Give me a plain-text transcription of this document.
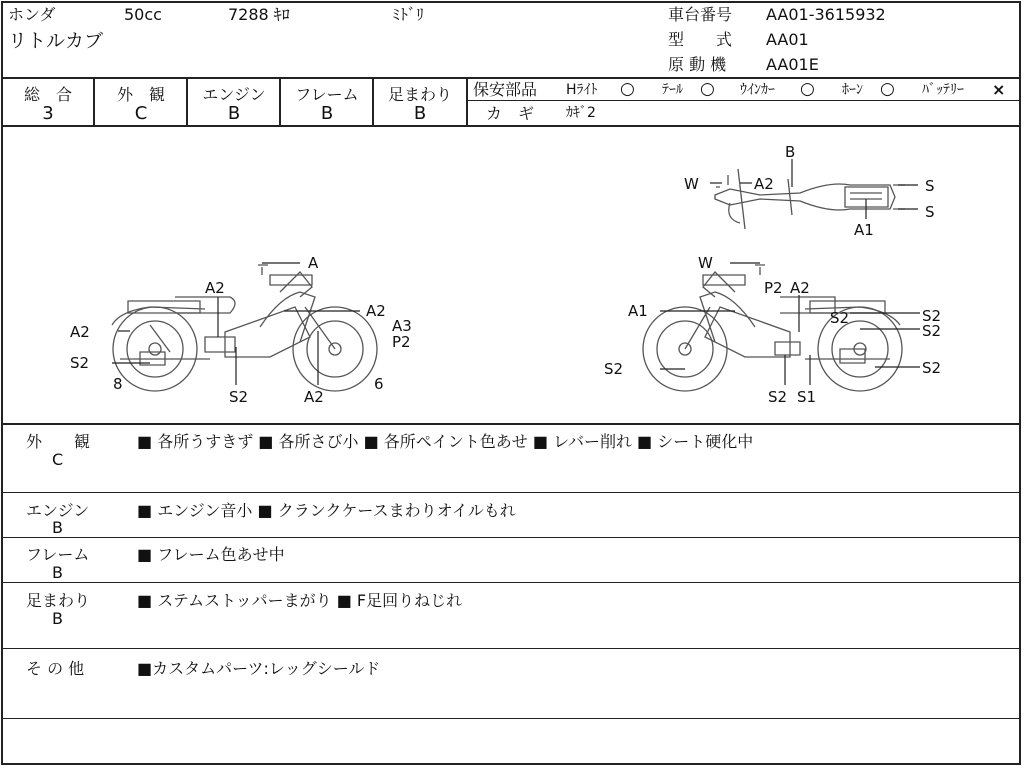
ホンダ	50cc	7288 ｷﾛ	ﾐﾄﾞﾘ
リトルカブ
車台番号 AA01-3615932
型　　式 AA01
原 動 機 AA01E
総　合
3
外　観
C
エンジン
B
フレーム
B
足まわり
B
保安部品 Hﾗｲﾄ ○ ﾃｰﾙ ○ ｳｲﾝｶｰ ○ ﾎｰﾝ ○ ﾊﾞｯﾃﾘｰ ×
カ　ギ ｶｷﾞ2
A
A2
A2
A3
P2
A2
S2
8
S2	A2
6
W
P2 A2
A1	S2
S2
S2	S2
S2 S1
S2
B
W	A2	S
S
A1
外　　観
C
■ 各所うすきず ■ 各所さび小 ■ 各所ペイント色あせ ■ レバー削れ ■ シート硬化中
エンジン
B
■ エンジン音小 ■ クランクケースまわりオイルもれ
フレーム
B
■ フレーム色あせ中
足まわり
B
■ ステムストッパーまがり ■ F足回りねじれ
そ の 他	■カスタムパーツ:レッグシールド
